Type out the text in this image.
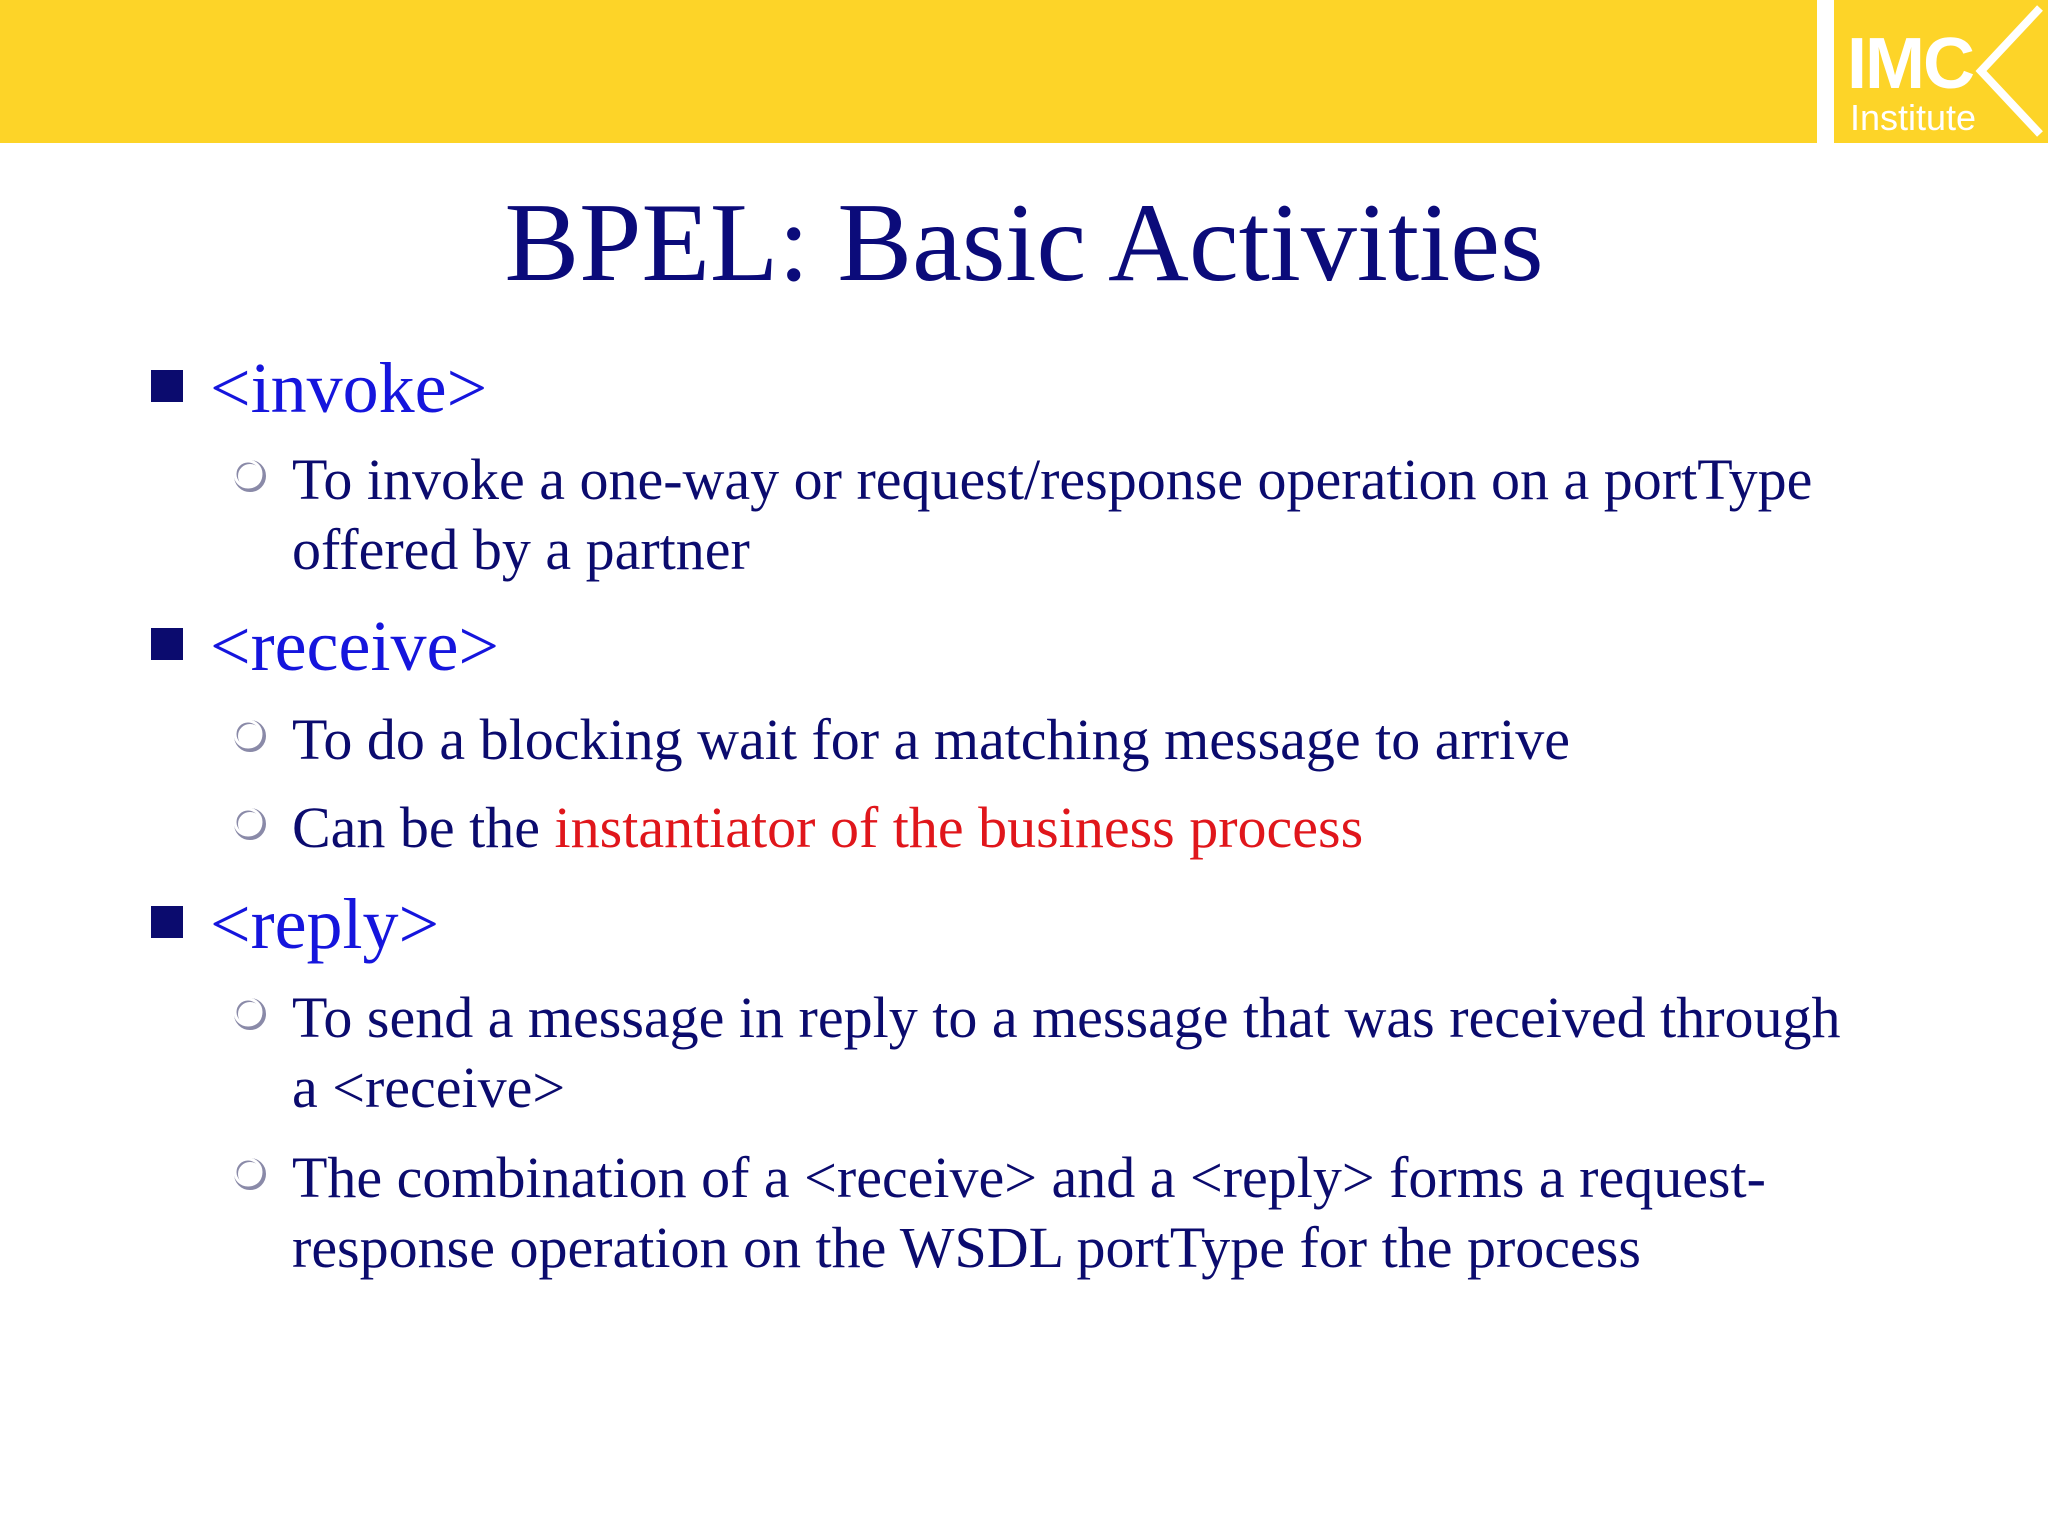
IMC
Institute
BPEL: Basic Activities
<invoke>
To invoke a one-way or request/response operation on a portType offered by a partner
<receive>
To do a blocking wait for a matching message to arrive
Can be the instantiator of the business process
<reply>
To send a message in reply to a message that was received through a <receive>
The combination of a <receive> and a <reply> forms a request-response operation on the WSDL portType for the process
